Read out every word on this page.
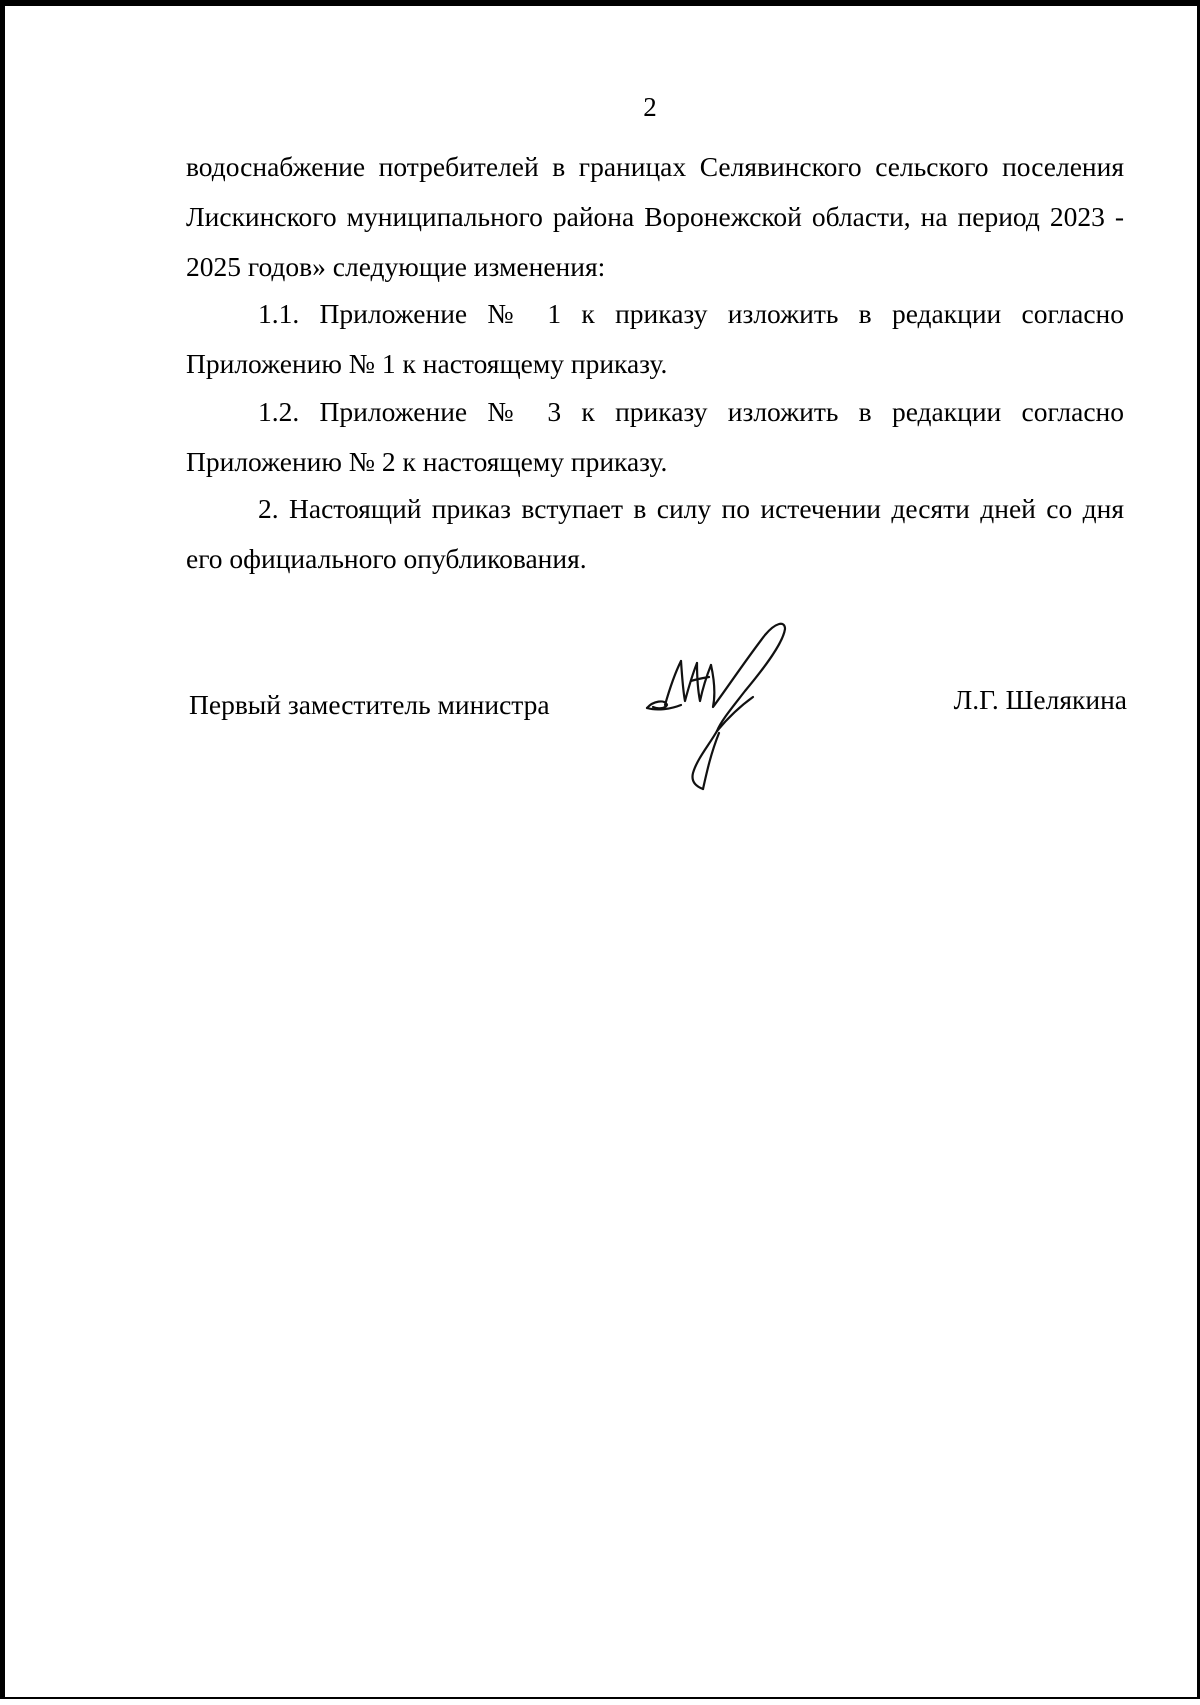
2
водоснабжение потребителей в границах Селявинского сельского поселения
Лискинского муниципального района Воронежской области, на период 2023 -
2025 годов» следующие изменения:
1.1. Приложение № 1 к приказу изложить в редакции согласно
Приложению № 1 к настоящему приказу.
1.2. Приложение № 3 к приказу изложить в редакции согласно
Приложению № 2 к настоящему приказу.
2. Настоящий приказ вступает в силу по истечении десяти дней со дня
его официального опубликования.
Первый заместитель министра	Л.Г. Шелякина
